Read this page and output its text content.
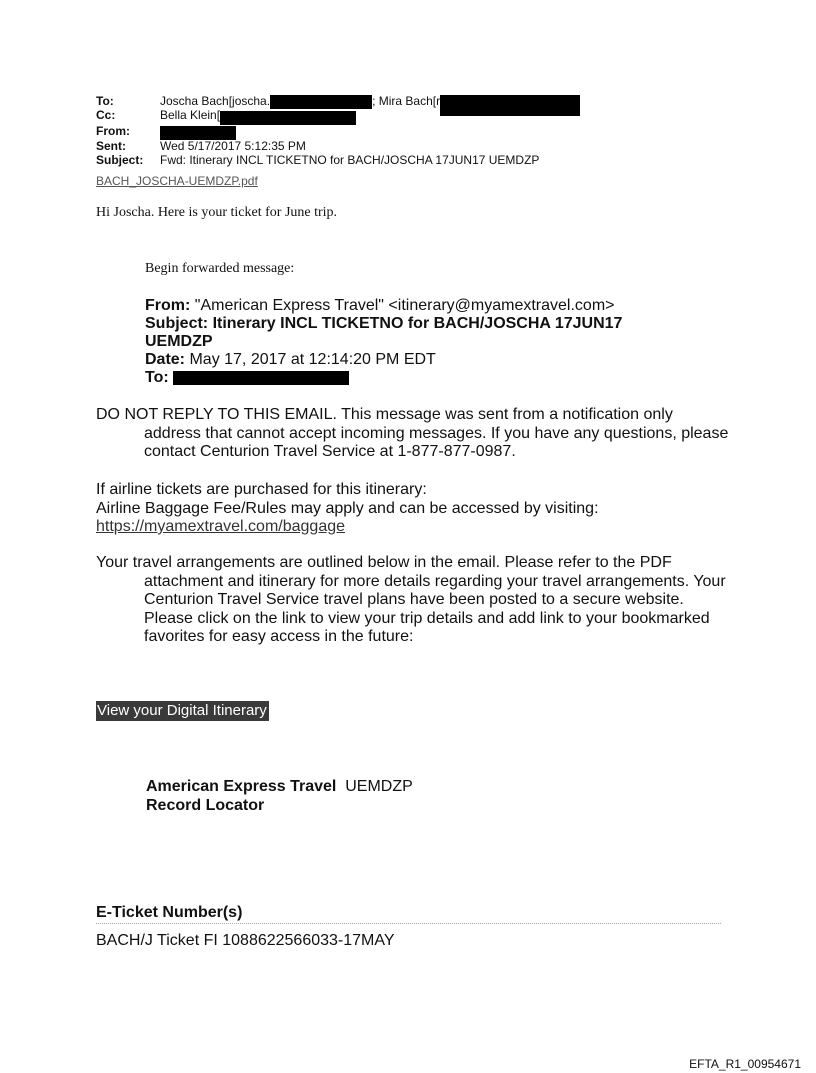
To:	Joscha Bach[joscha.	; Mira Bach[r
Cc:	Bella Klein[
From:
Sent:	Wed 5/17/2017 5:12:35 PM
Subject:	Fwd: Itinerary INCL TICKETNO for BACH/JOSCHA 17JUN17 UEMDZP
BACH_JOSCHA-UEMDZP.pdf
Hi Joscha. Here is your ticket for June trip.
Begin forwarded message:
From: "American Express Travel" <itinerary@myamextravel.com>
Subject: Itinerary INCL TICKETNO for BACH/JOSCHA 17JUN17
UEMDZP
Date: May 17, 2017 at 12:14:20 PM EDT
To:
DO NOT REPLY TO THIS EMAIL. This message was sent from a notification only address that cannot accept incoming messages. If you have any questions, please contact Centurion Travel Service at 1-877-877-0987.
If airline tickets are purchased for this itinerary:
Airline Baggage Fee/Rules may apply and can be accessed by visiting:
https://myamextravel.com/baggage
Your travel arrangements are outlined below in the email. Please refer to the PDF attachment and itinerary for more details regarding your travel arrangements. Your Centurion Travel Service travel plans have been posted to a secure website. Please click on the link to view your trip details and add link to your bookmarked favorites for easy access in the future:
View your Digital Itinerary
American Express Travel UEMDZP
Record Locator
E-Ticket Number(s)
BACH/J Ticket FI 1088622566033-17MAY
EFTA_R1_00954671
